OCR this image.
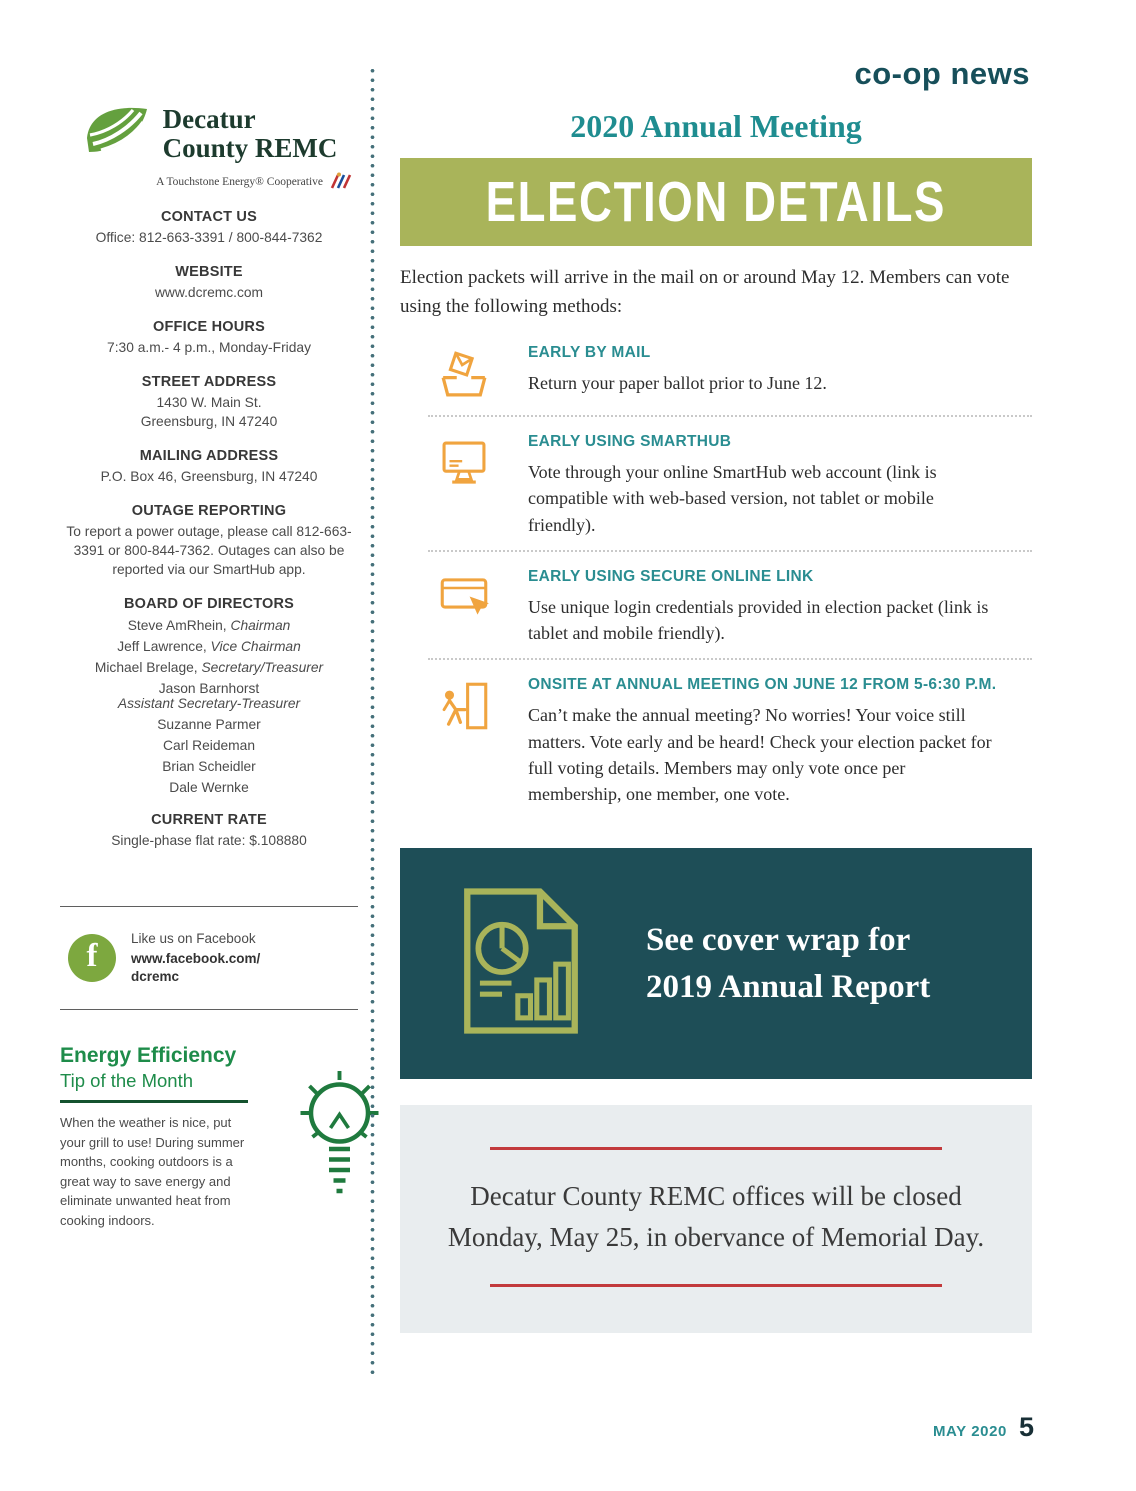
Decatur
County REMC
A Touchstone Energy® Cooperative
CONTACT US

Office: 812-663-3391 / 800-844-7362

WEBSITE

www.dcremc.com

OFFICE HOURS

7:30 a.m.- 4 p.m., Monday-Friday

STREET ADDRESS

1430 W. Main St.

Greensburg, IN 47240

MAILING ADDRESS

P.O. Box 46, Greensburg, IN 47240

OUTAGE REPORTING

To report a power outage, please call 812-663-3391 or 800-844-7362. Outages can also be reported via our SmartHub app.

BOARD OF DIRECTORS
Steve AmRhein, Chairman
Jeff Lawrence, Vice Chairman
Michael Brelage, Secretary/Treasurer
Jason Barnhorst
Assistant Secretary-Treasurer
Suzanne Parmer
Carl Reideman
Brian Scheidler
Dale Wernke
CURRENT RATE

Single-phase flat rate: $.108880

f Like us on Facebook
www.facebook.com/
dcremc

Energy Efficiency

Tip of the Month

When the weather is nice, put your grill to use! During summer months, cooking outdoors is a great way to save energy and eliminate unwanted heat from cooking indoors.

co-op news

2020 Annual Meeting
ELECTION DETAILS

Election packets will arrive in the mail on or around May 12. Members can vote using the following methods:

EARLY BY MAIL

Return your paper ballot prior to June 12.

EARLY USING SMARTHUB

Vote through your online SmartHub web account (link is compatible with web-based version, not tablet or mobile friendly).

EARLY USING SECURE ONLINE LINK

Use unique login credentials provided in election packet (link is tablet and mobile friendly).

ONSITE AT ANNUAL MEETING ON JUNE 12 FROM 5-6:30 P.M.

Can’t make the annual meeting? No worries! Your voice still matters. Vote early and be heard! Check your election packet for full voting details. Members may only vote once per membership, one member, one vote.

See cover wrap for
2019 Annual Report

Decatur County REMC offices will be closed Monday, May 25, in obervance of Memorial Day.

MAY 2020 5
